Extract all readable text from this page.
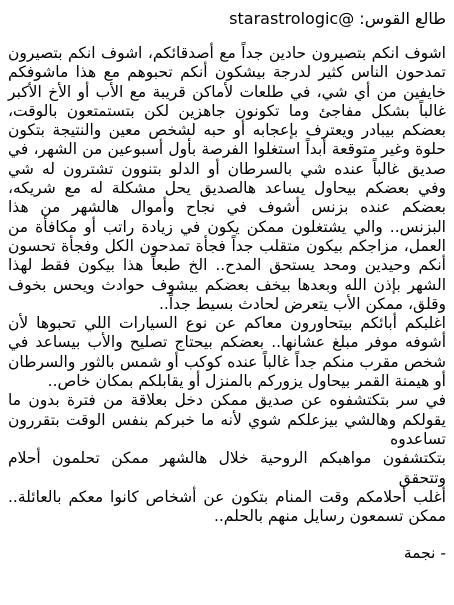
طالع القوس: @starastrologic

اشوف انكم بتصيرون حادين جداً مع أصدقائكم، اشوف انكم بتصيرون تمدحون الناس كثير لدرجة بيشكون أنكم تحبوهم مع هذا ماشوفكم خايفين من أي شي، في طلعات لأماكن قريبة مع الأب أو الأخ الأكبر غالباً بشكل مفاجئ وما تكونون جاهزين لكن بتستمتعون بالوقت، بعضكم بيبادر ويعترف بإعجابه أو حبه لشخص معين والنتيجة بتكون حلوة وغير متوقعة أبداً استغلوا الفرصة بأول أسبوعين من الشهر، في صديق غالباً عنده شي بالسرطان أو الدلو بتنوون تشترون له شي وفي بعضكم بيحاول يساعد هالصديق يحل مشكلة له مع شريكه، بعضكم عنده بزنس أشوف في نجاح وأموال هالشهر من هذا البزنس.. والي يشتغلون ممكن يكون في زيادة راتب أو مكافأة من العمل، مزاجكم بيكون متقلب جداً فجأة تمدحون الكل وفجأة تحسون أنكم وحيدين ومحد يستحق المدح.. الخ طبعاً هذا بيكون فقط لهذا الشهر بإذن الله وبعدها بيخف بعضكم بيشوف حوادث ويحس بخوف وقلق، ممكن الأب يتعرض لحادث بسيط جداً..

اغلبكم أبائكم بيتحاورون معاكم عن نوع السيارات اللي تحبوها لأن أشوفه موفر مبلغ عشانها.. بعضكم بيحتاج تصليح والأب بيساعد في شخص مقرب منكم جداً غالباً عنده كوكب أو شمس بالثور والسرطان أو هيمنة القمر بيحاول يزوركم بالمنزل أو يقابلكم بمكان خاص..

في سر بتكتشفوه عن صديق ممكن دخل بعلاقة من فترة بدون ما يقولكم وهالشي بيزعلكم شوي لأنه ما خبركم بنفس الوقت بتقررون تساعدوه

بتكتشفون مواهبكم الروحية خلال هالشهر ممكن تحلمون أحلام وتتحقق

أغلب أحلامكم وقت المنام بتكون عن أشخاص كانوا معكم بالعائلة.. ممكن تسمعون رسايل منهم بالحلم..

- نجمة
